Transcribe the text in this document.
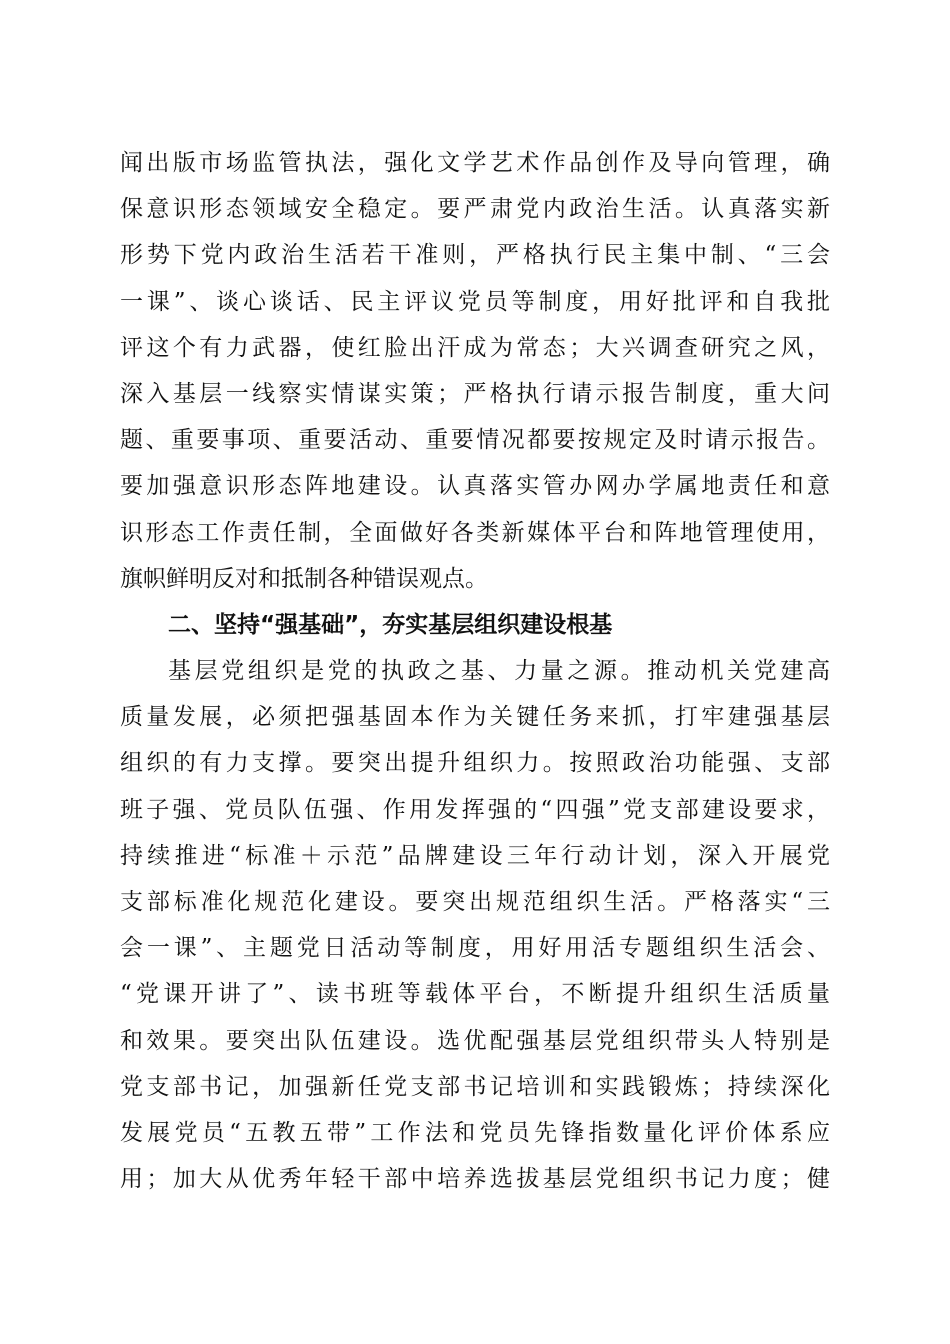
闻出版市场监管执法，强化文学艺术作品创作及导向管理，确
保意识形态领域安全稳定。要严肃党内政治生活。认真落实新
形势下党内政治生活若干准则，严格执行民主集中制、“三会
一课”、谈心谈话、民主评议党员等制度，用好批评和自我批
评这个有力武器，使红脸出汗成为常态；大兴调查研究之风，
深入基层一线察实情谋实策；严格执行请示报告制度，重大问
题、重要事项、重要活动、重要情况都要按规定及时请示报告。
要加强意识形态阵地建设。认真落实管办网办学属地责任和意
识形态工作责任制，全面做好各类新媒体平台和阵地管理使用，
旗帜鲜明反对和抵制各种错误观点。
二、坚持“强基础”，夯实基层组织建设根基
基层党组织是党的执政之基、力量之源。推动机关党建高
质量发展，必须把强基固本作为关键任务来抓，打牢建强基层
组织的有力支撑。要突出提升组织力。按照政治功能强、支部
班子强、党员队伍强、作用发挥强的“四强”党支部建设要求，
持续推进“标准＋示范”品牌建设三年行动计划，深入开展党
支部标准化规范化建设。要突出规范组织生活。严格落实“三
会一课”、主题党日活动等制度，用好用活专题组织生活会、
“党课开讲了”、读书班等载体平台，不断提升组织生活质量
和效果。要突出队伍建设。选优配强基层党组织带头人特别是
党支部书记，加强新任党支部书记培训和实践锻炼；持续深化
发展党员“五教五带”工作法和党员先锋指数量化评价体系应
用；加大从优秀年轻干部中培养选拔基层党组织书记力度；健
